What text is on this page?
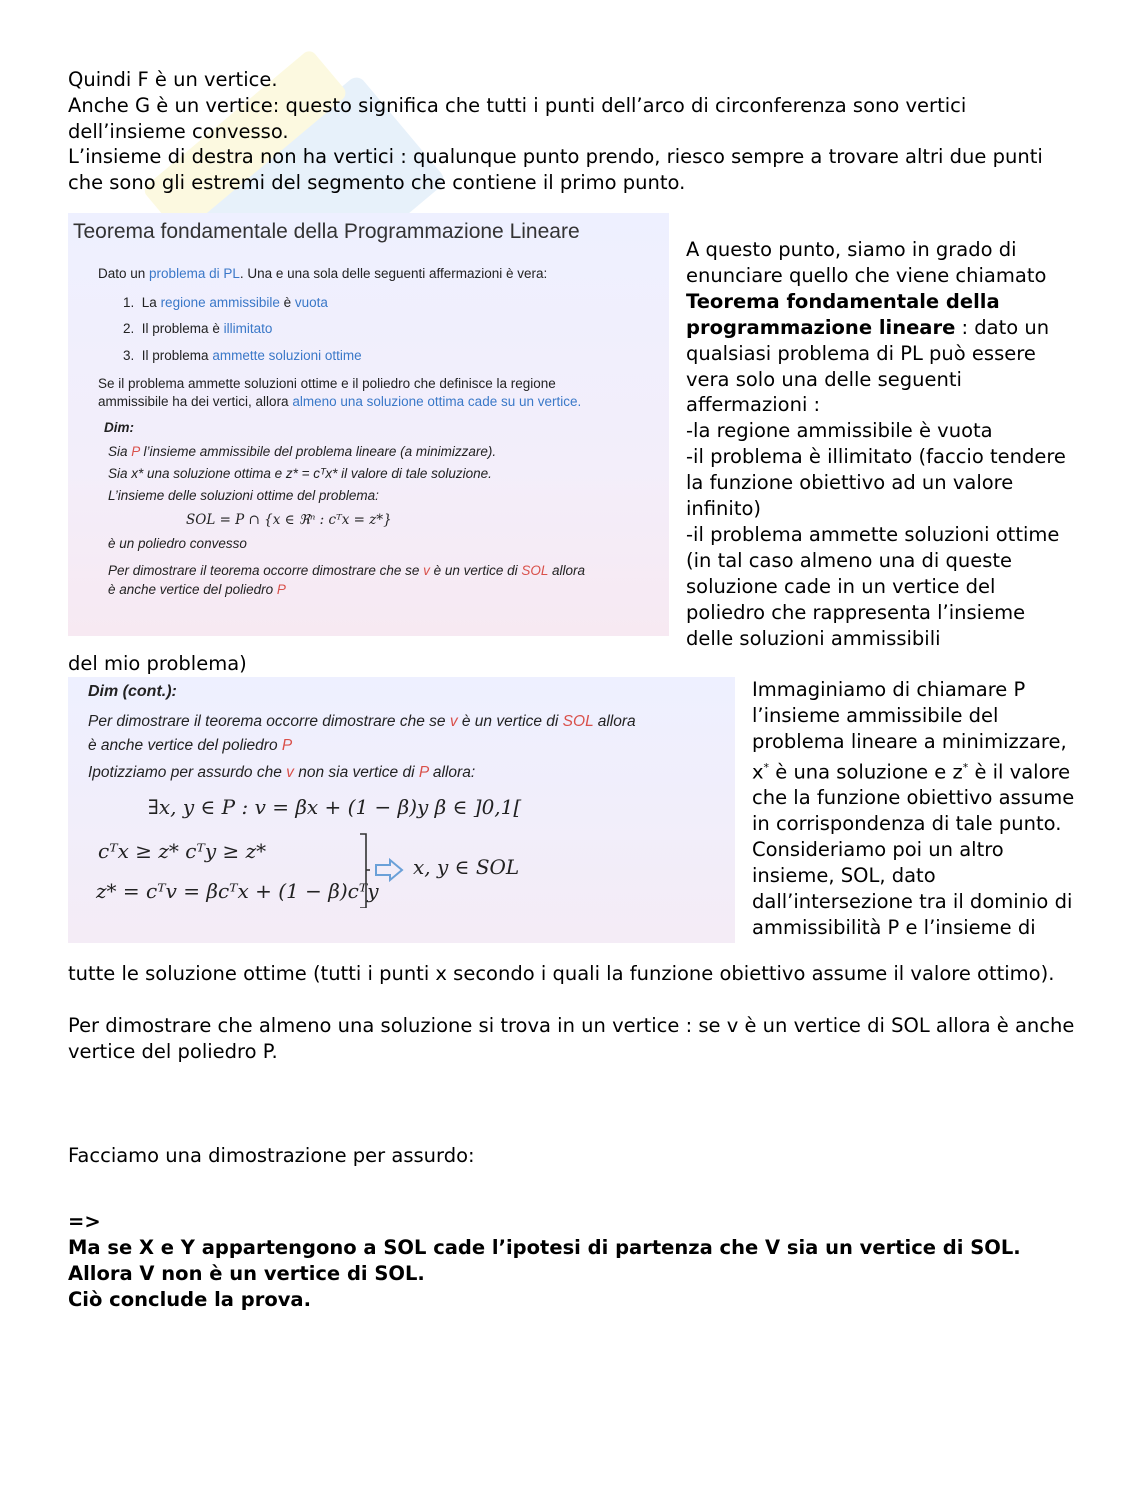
Quindi F è un vertice.
Anche G è un vertice: questo significa che tutti i punti dell’arco di circonferenza sono vertici dell’insieme convesso.
L’insieme di destra non ha vertici : qualunque punto prendo, riesco sempre a trovare altri due punti che sono gli estremi del segmento che contiene il primo punto.
Teorema fondamentale della Programmazione Lineare
Dato un problema di PL. Una e una sola delle seguenti affermazioni è vera:
1. La regione ammissibile è vuota
2. Il problema è illimitato
3. Il problema ammette soluzioni ottime
Se il problema ammette soluzioni ottime e il poliedro che definisce la regione
ammissibile ha dei vertici, allora almeno una soluzione ottima cade su un vertice.
Dim:
Sia P l’insieme ammissibile del problema lineare (a minimizzare).
Sia x* una soluzione ottima e z* = cᵀx* il valore di tale soluzione.
L’insieme delle soluzioni ottime del problema:
SOL = P ∩ {x ∈ ℜⁿ : cᵀx = z*}
è un poliedro convesso
Per dimostrare il teorema occorre dimostrare che se v è un vertice di SOL allora
è anche vertice del poliedro P
A questo punto, siamo in grado di enunciare quello che viene chiamato Teorema fondamentale della programmazione lineare : dato un qualsiasi problema di PL può essere vera solo una delle seguenti affermazioni :
-la regione ammissibile è vuota
-il problema è illimitato (faccio tendere la funzione obiettivo ad un valore infinito)
-il problema ammette soluzioni ottime (in tal caso almeno una di queste soluzione cade in un vertice del poliedro che rappresenta l’insieme delle soluzioni ammissibili
del mio problema)
Dim (cont.):
Per dimostrare il teorema occorre dimostrare che se v è un vertice di SOL allora
è anche vertice del poliedro P
Ipotizziamo per assurdo che v non sia vertice di P allora:
∃x, y ∈ P : v = βx + (1 − β)y β ∈ ]0,1[
cᵀx ≥ z* cᵀy ≥ z*
z* = cᵀv = βcᵀx + (1 − β)cᵀy
x, y ∈ SOL
Immaginiamo di chiamare P l’insieme ammissibile del problema lineare a minimizzare, x* è una soluzione e z* è il valore che la funzione obiettivo assume in corrispondenza di tale punto. Consideriamo poi un altro insieme, SOL, dato dall’intersezione tra il dominio di ammissibilità P e l’insieme di
tutte le soluzione ottime (tutti i punti x secondo i quali la funzione obiettivo assume il valore ottimo).
Per dimostrare che almeno una soluzione si trova in un vertice : se v è un vertice di SOL allora è anche vertice del poliedro P.
Facciamo una dimostrazione per assurdo:
=>
Ma se X e Y appartengono a SOL cade l’ipotesi di partenza che V sia un vertice di SOL.
Allora V non è un vertice di SOL.
Ciò conclude la prova.
